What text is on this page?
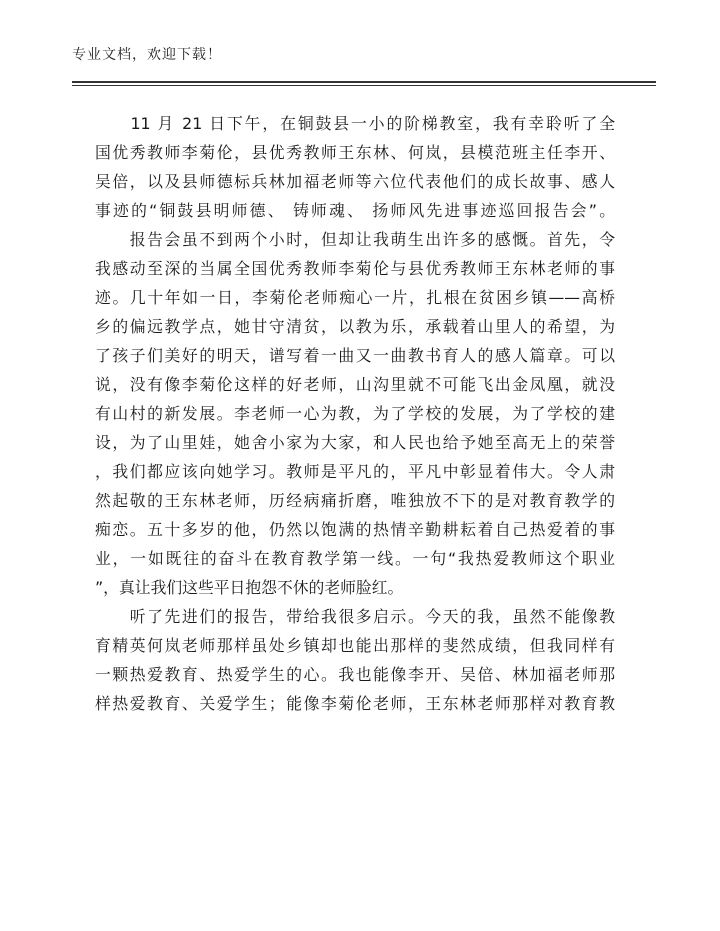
专业文档，欢迎下载！
　　11 月 21 日下午，在铜鼓县一小的阶梯教室，我有幸聆听了全
国优秀教师李菊伦，县优秀教师王东林、何岚，县模范班主任李开、
吴倍，以及县师德标兵林加福老师等六位代表他们的成长故事、感人
事迹的“铜鼓县明师德、 铸师魂、 扬师风先进事迹巡回报告会”。
　　报告会虽不到两个小时，但却让我萌生出许多的感慨。首先，令
我感动至深的当属全国优秀教师李菊伦与县优秀教师王东林老师的事
迹。几十年如一日，李菊伦老师痴心一片，扎根在贫困乡镇——高桥
乡的偏远教学点，她甘守清贫，以教为乐，承载着山里人的希望，为
了孩子们美好的明天，谱写着一曲又一曲教书育人的感人篇章。可以
说，没有像李菊伦这样的好老师，山沟里就不可能飞出金凤凰，就没
有山村的新发展。李老师一心为教，为了学校的发展，为了学校的建
设，为了山里娃，她舍小家为大家，和人民也给予她至高无上的荣誉
，我们都应该向她学习。教师是平凡的，平凡中彰显着伟大。令人肃
然起敬的王东林老师，历经病痛折磨，唯独放不下的是对教育教学的
痴恋。五十多岁的他，仍然以饱满的热情辛勤耕耘着自己热爱着的事
业，一如既往的奋斗在教育教学第一线。一句“我热爱教师这个职业
”，真让我们这些平日抱怨不休的老师脸红。
　　听了先进们的报告，带给我很多启示。今天的我，虽然不能像教
育精英何岚老师那样虽处乡镇却也能出那样的斐然成绩，但我同样有
一颗热爱教育、热爱学生的心。我也能像李开、吴倍、林加福老师那
样热爱教育、关爱学生；能像李菊伦老师，王东林老师那样对教育教
